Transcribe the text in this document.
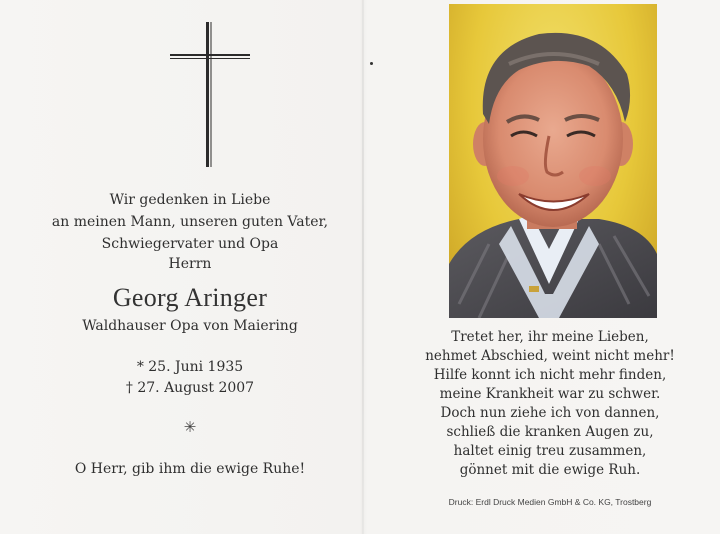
Wir gedenken in Liebe
an meinen Mann, unseren guten Vater,
Schwiegervater und Opa
Herrn
Georg Aringer
Waldhauser Opa von Maiering
* 25. Juni 1935
† 27. August 2007
✳
O Herr, gib ihm die ewige Ruhe!
Tretet her, ihr meine Lieben,
nehmet Abschied, weint nicht mehr!
Hilfe konnt ich nicht mehr finden,
meine Krankheit war zu schwer.
Doch nun ziehe ich von dannen,
schließ die kranken Augen zu,
haltet einig treu zusammen,
gönnet mit die ewige Ruh.
Druck: Erdl Druck Medien GmbH & Co. KG, Trostberg
